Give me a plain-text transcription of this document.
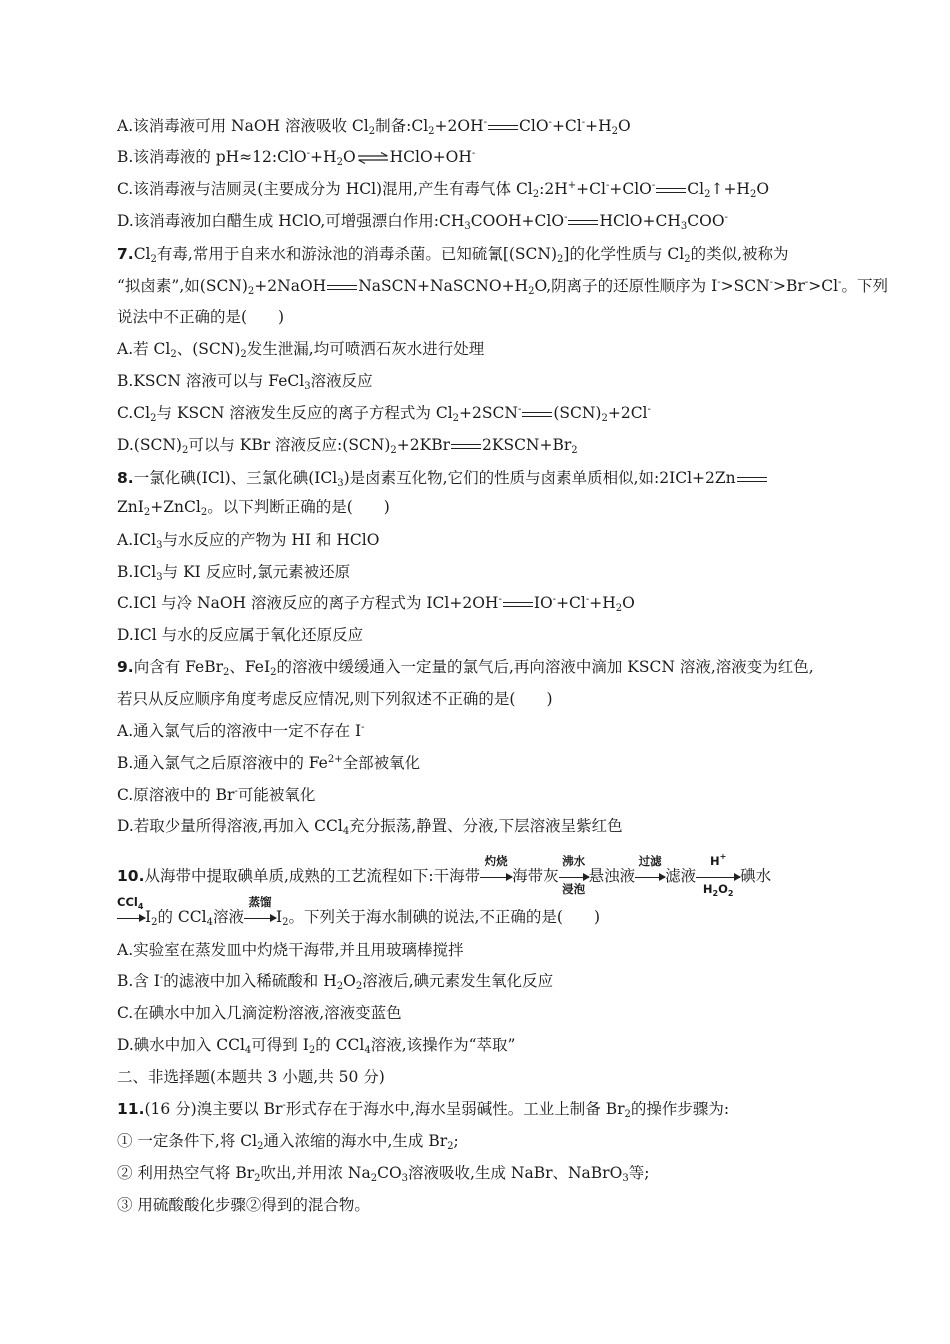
A.该消毒液可用 NaOH 溶液吸收 $Cl_2$制备$:Cl_2+2OH^-$ $ClO^-+Cl^-+H_2O$
B.该消毒液的 $pH\approx 12:ClO^-+H_2O\rightleftharpoons HClO+OH^-$
C.该消毒液与洁厕灵(主要成分为 HCl)混用,产生有毒气体 $Cl_2:2H^++Cl^-+ClO^-$ $Cl_2↑+H_2O$
D.该消毒液加白醋生成 HClO,可增强漂白作用$:CH_3COOH+ClO^-$ $HClO+CH_3COO^-$
$7.Cl_2$有毒,常用于自来水和游泳池的消毒杀菌。已知硫氰$[(SCN)_2]$的化学性质与 $Cl_2$的类似,被称为
“拟卤素”,如$(SCN)_2+2NaOH$ $NaSCN+NaSCNO+H_2O$,阴离子的还原性顺序为 I->SCN->Br->Cl-。下列
说法中不正确的是(　　)
A.若 $Cl_2$、$(SCN)_2$发生泄漏,均可喷洒石灰水进行处理
B.KSCN 溶液可以与 FeCl$_3$溶液反应
$C.Cl_2$与 KSCN 溶液发生反应的离子方程式为 $Cl_2+2SCN^-$ $(SCN)_2+2Cl^-$
$D.(SCN)_2$可以与 KBr 溶液反应$:(SCN)_2+2KBr$ $2KSCN+Br_2$
8.一氯化碘(ICl)、三氯化碘(ICl$_3$)是卤素互化物,它们的性质与卤素单质相似,如:2ICl+2Zn
ZnI$_2$+ZnCl$_2$。以下判断正确的是(　　)
A.ICl$_3$与水反应的产物为 HI 和 HClO
B.ICl$_3$与 KI 反应时,氯元素被还原
C.ICl 与冷 NaOH 溶液反应的离子方程式为 ICl+2OH- $IO^-+Cl^-+H_2O$
D.ICl 与水的反应属于氧化还原反应
9.向含有 FeBr$_2$、FeI$_2$的溶液中缓缓通入一定量的氯气后,再向溶液中滴加 KSCN 溶液,溶液变为红色,
若只从反应顺序角度考虑反应情况,则下列叙述不正确的是(　　)
A.通入氯气后的溶液中一定不存在 I-
B.通入氯气之后原溶液中的 $Fe^{2+}$全部被氧化
C.原溶液中的 Br-可能被氧化
D.若取少量所得溶液,再加入 CCl$_4$充分振荡,静置、分液,下层溶液呈紫红色
10.从海带中提取碘单质,成熟的工艺流程如下:干海带
灼烧
海带灰
沸水
浸泡
悬浊液
过滤
滤液 $\frac{H^+}{H_2O_2}$ 碘水
CCl$_4$
$I_2$的 CCl$_4$溶液
蒸馏
$I_2$。下列关于海水制碘的说法,不正确的是(　　)
A.实验室在蒸发皿中灼烧干海带,并且用玻璃棒搅拌
B.含 I-的滤液中加入稀硫酸和 $H_2O_2$溶液后,碘元素发生氧化反应
C.在碘水中加入几滴淀粉溶液,溶液变蓝色
D.碘水中加入 CCl$_4$可得到 $I_2$的 CCl$_4$溶液,该操作为“萃取”
二、非选择题(本题共 3 小题,共 50 分)
11.(16 分)溴主要以 Br-形式存在于海水中,海水呈弱碱性。工业上制备 $Br_2$的操作步骤为:
① 一定条件下,将 $Cl_2$通入浓缩的海水中,生成 $Br_2$;
② 利用热空气将 $Br_2$吹出,并用浓 $Na_2CO_3$溶液吸收,生成 NaBr、NaBrO$_3$等;
③ 用硫酸酸化步骤②得到的混合物。
